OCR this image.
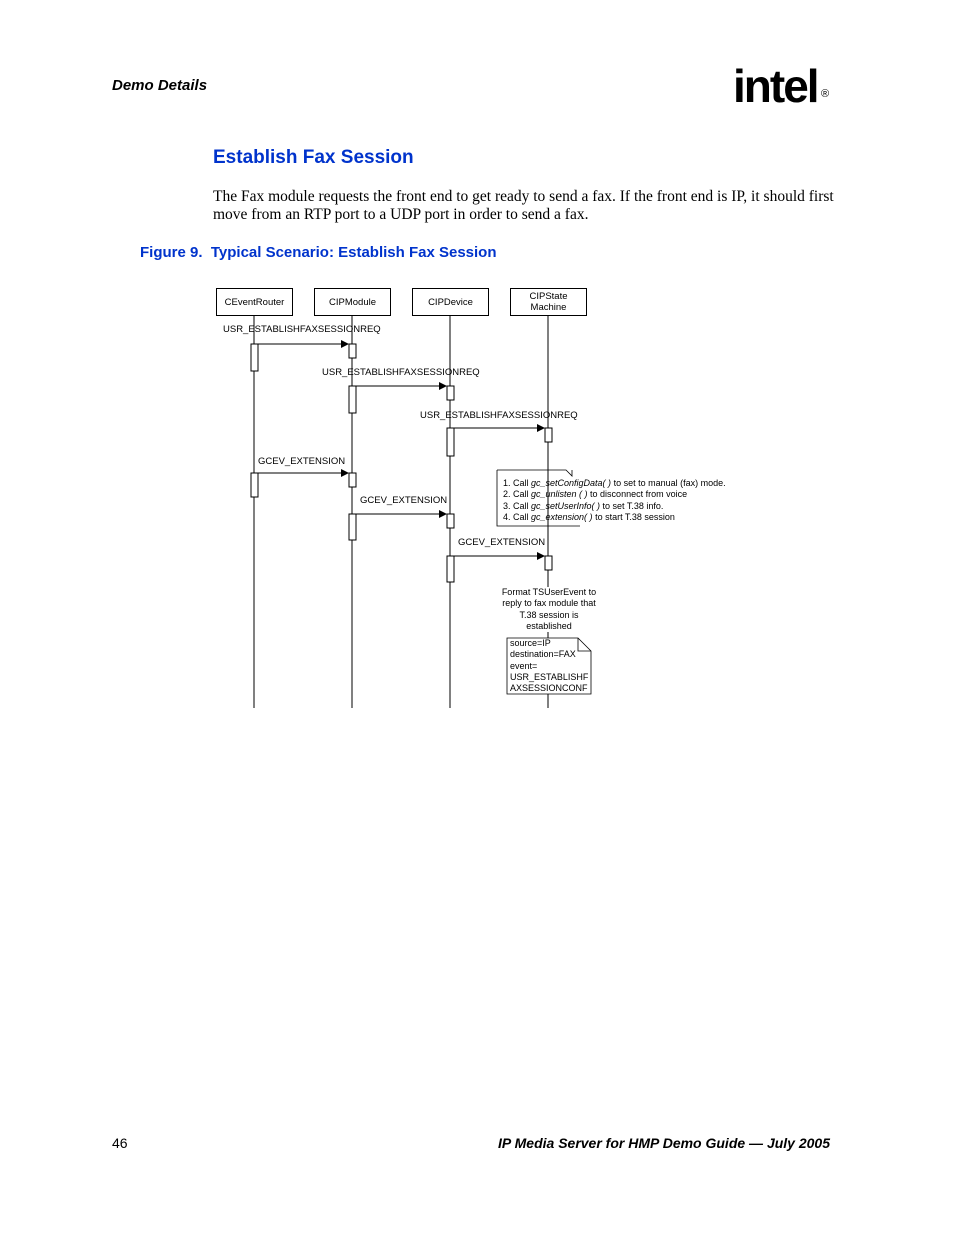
Demo Details	intel ®
Establish Fax Session
The Fax module requests the front end to get ready to send a fax. If the front end is IP, it should first
move from an RTP port to a UDP port in order to send a fax.
Figure 9.  Typical Scenario: Establish Fax Session
CEventRouter	CIPModule	CIPDevice	CIPState
Machine
USR_ESTABLISHFAXSESSIONREQ
USR_ESTABLISHFAXSESSIONREQ
USR_ESTABLISHFAXSESSIONREQ
GCEV_EXTENSION
GCEV_EXTENSION
GCEV_EXTENSION
1. Call gc_setConfigData( ) to set to manual (fax) mode.
2. Call gc_unlisten ( ) to disconnect from voice
3. Call gc_setUserInfo( ) to set T.38 info.
4. Call gc_extension( ) to start T.38 session
Format TSUserEvent to
reply to fax module that
T.38 session is
established
source=IP
destination=FAX
event=
USR_ESTABLISHF
AXSESSIONCONF
46	IP Media Server for HMP Demo Guide — July 2005
